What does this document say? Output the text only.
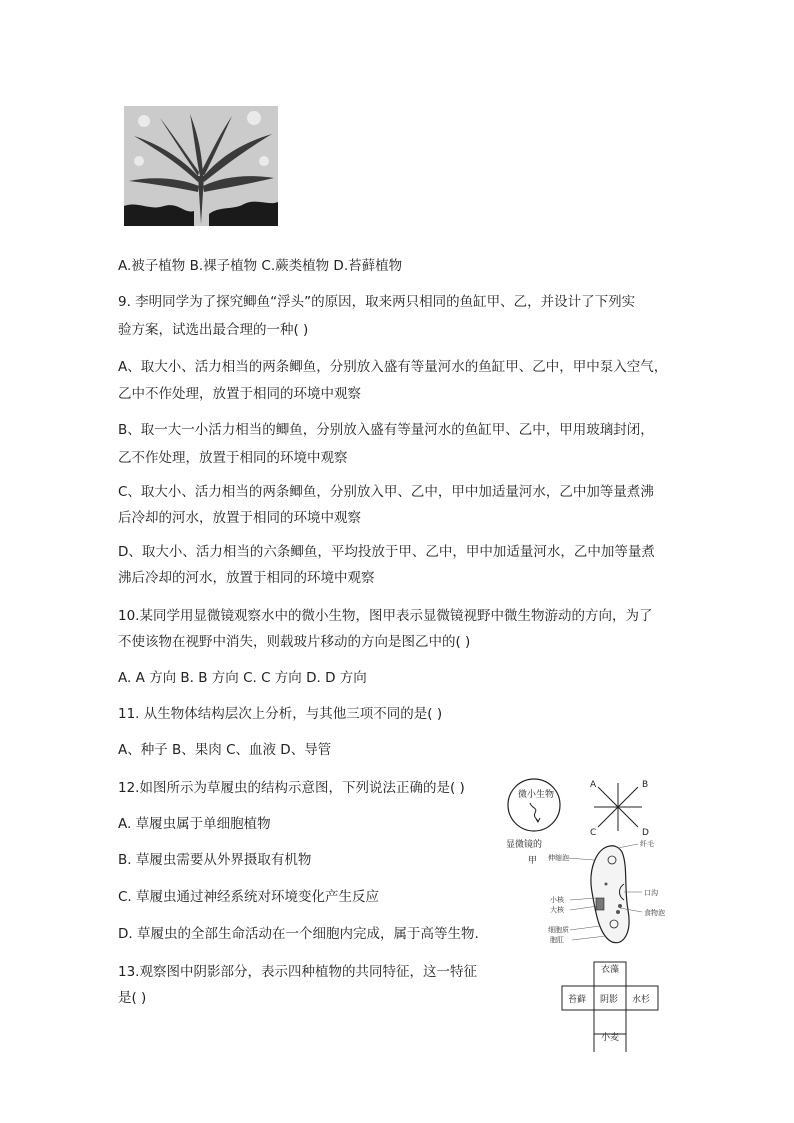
A.被子植物 B.裸子植物 C.蕨类植物 D.苔藓植物
9. 李明同学为了探究鲫鱼“浮头”的原因，取来两只相同的鱼缸甲、乙，并设计了下列实
验方案，试选出最合理的一种( )
A、取大小、活力相当的两条鲫鱼，分别放入盛有等量河水的鱼缸甲、乙中，甲中泵入空气，
乙中不作处理，放置于相同的环境中观察
B、取一大一小活力相当的鲫鱼，分别放入盛有等量河水的鱼缸甲、乙中，甲用玻璃封闭，
乙不作处理，放置于相同的环境中观察
C、取大小、活力相当的两条鲫鱼，分别放入甲、乙中，甲中加适量河水，乙中加等量煮沸
后冷却的河水，放置于相同的环境中观察
D、取大小、活力相当的六条鲫鱼，平均投放于甲、乙中，甲中加适量河水，乙中加等量煮
沸后冷却的河水，放置于相同的环境中观察
10.某同学用显微镜观察水中的微小生物，图甲表示显微镜视野中微生物游动的方向，为了
不使该物在视野中消失，则载玻片移动的方向是图乙中的( )
A. A 方向 B. B 方向 C. C 方向 D. D 方向
11. 从生物体结构层次上分析，与其他三项不同的是( )
A、种子 B、果肉 C、血液 D、导管
12.如图所示为草履虫的结构示意图，下列说法正确的是( )
A. 草履虫属于单细胞植物
B. 草履虫需要从外界摄取有机物
C. 草履虫通过神经系统对环境变化产生反应
D. 草履虫的全部生命活动在一个细胞内完成，属于高等生物.
13.观察图中阴影部分，表示四种植物的共同特征，这一特征
是( )
微小生物
显微镜的
A	B
C	D
甲 伸缩泡
纤毛
小核
大核
口沟
食物泡
细胞质
胞肛
衣藻
苔藓 阴影 水杉
小麦
